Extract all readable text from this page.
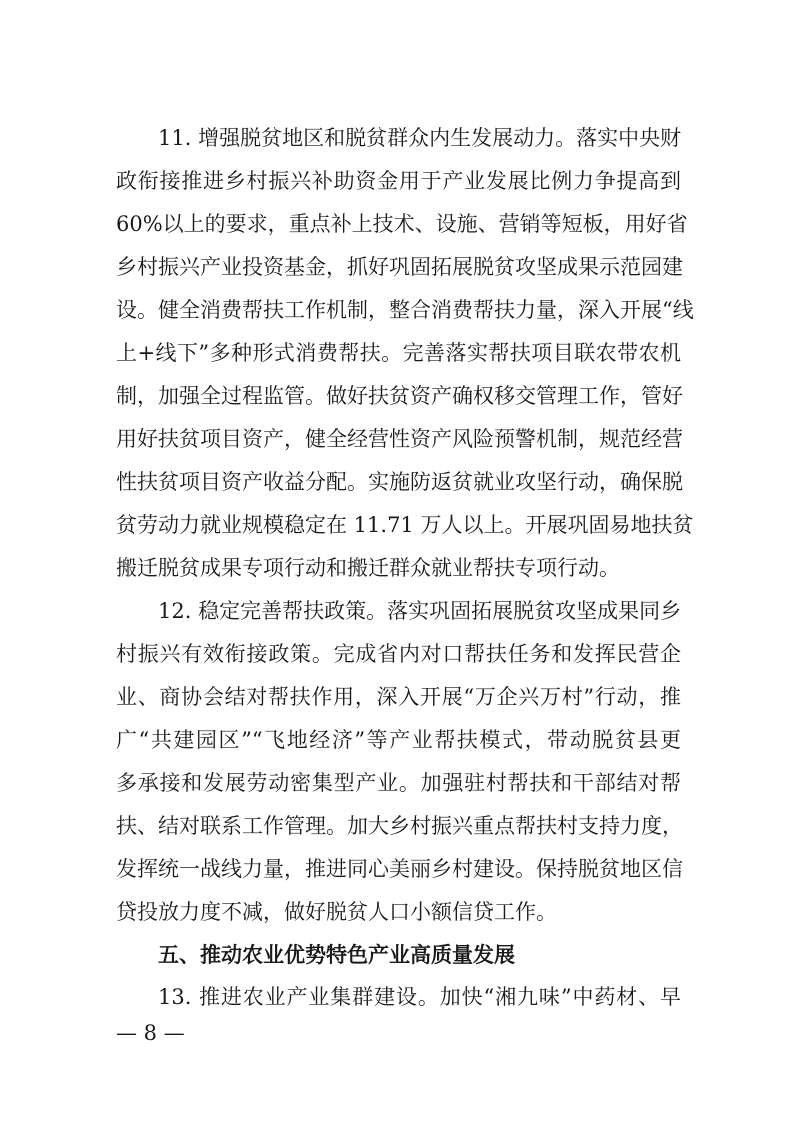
11. 增强脱贫地区和脱贫群众内生发展动力。落实中央财
政衔接推进乡村振兴补助资金用于产业发展比例力争提高到
60%以上的要求，重点补上技术、设施、营销等短板，用好省
乡村振兴产业投资基金，抓好巩固拓展脱贫攻坚成果示范园建
设。健全消费帮扶工作机制，整合消费帮扶力量，深入开展“线
上+线下”多种形式消费帮扶。完善落实帮扶项目联农带农机
制，加强全过程监管。做好扶贫资产确权移交管理工作，管好
用好扶贫项目资产，健全经营性资产风险预警机制，规范经营
性扶贫项目资产收益分配。实施防返贫就业攻坚行动，确保脱
贫劳动力就业规模稳定在 11.71 万人以上。开展巩固易地扶贫
搬迁脱贫成果专项行动和搬迁群众就业帮扶专项行动。
12. 稳定完善帮扶政策。落实巩固拓展脱贫攻坚成果同乡
村振兴有效衔接政策。完成省内对口帮扶任务和发挥民营企
业、商协会结对帮扶作用，深入开展“万企兴万村”行动，推
广“共建园区”“飞地经济”等产业帮扶模式，带动脱贫县更
多承接和发展劳动密集型产业。加强驻村帮扶和干部结对帮
扶、结对联系工作管理。加大乡村振兴重点帮扶村支持力度，
发挥统一战线力量，推进同心美丽乡村建设。保持脱贫地区信
贷投放力度不减，做好脱贫人口小额信贷工作。
五、推动农业优势特色产业高质量发展
13. 推进农业产业集群建设。加快“湘九味”中药材、早
— 8 —
